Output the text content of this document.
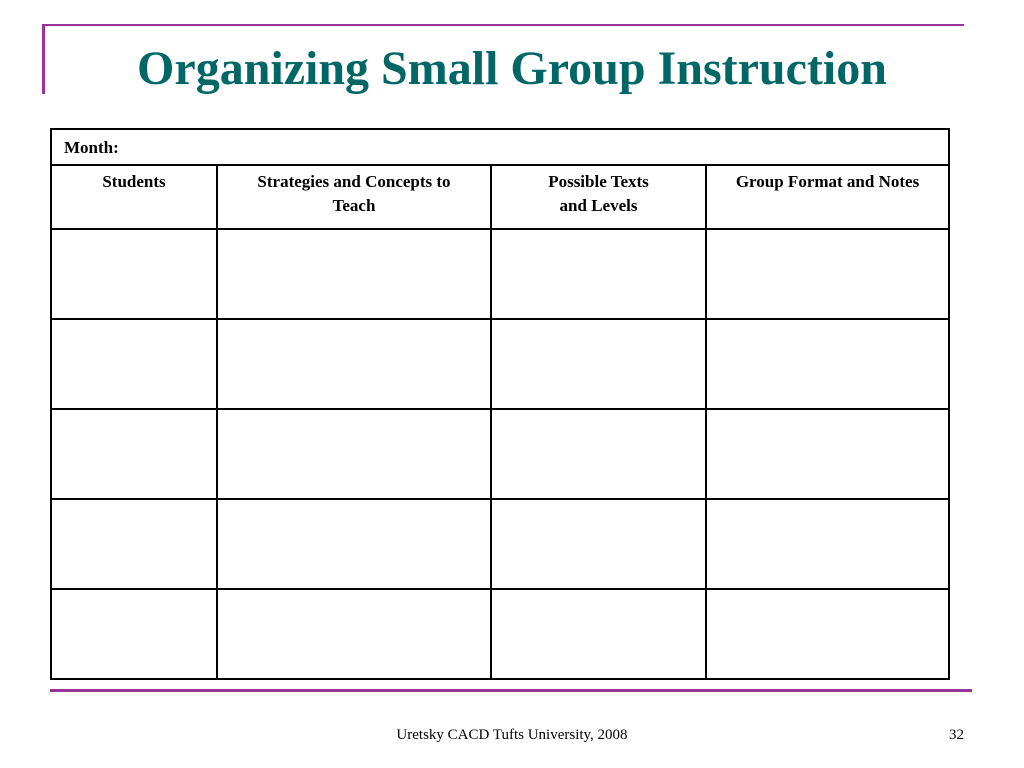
Organizing Small Group Instruction
Month:			
Students	Strategies and Concepts to Teach	Possible Texts and Levels	Group Format and Notes

Uretsky CACD Tufts University, 2008	32
